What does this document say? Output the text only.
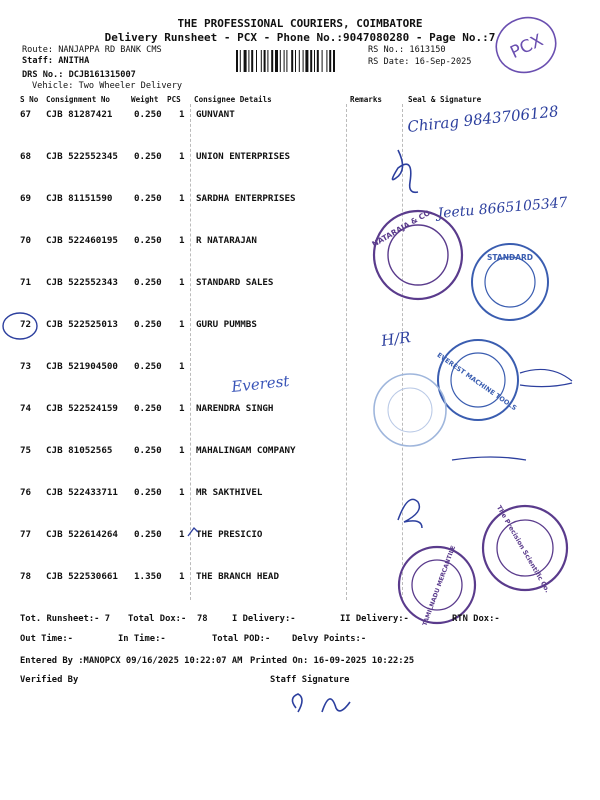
THE PROFESSIONAL COURIERS, COIMBATORE
Delivery Runsheet - PCX - Phone No.:9047080280 - Page No.:7
Route: NANJAPPA RD BANK CMS
Staff: ANITHA
DRS No.: DCJB161315007
Vehicle: Two Wheeler Delivery
RS No.: 1613150
RS Date: 16-Sep-2025 PCX
S No Consignment No	Weight PCS Consignee Details	Remarks	Seal & Signature
67 CJB 81287421 0.250 1 GUNVANT
68 CJB 522552345 0.250 1 UNION ENTERPRISES
69 CJB 81151590 0.250 1 SARDHA ENTERPRISES
70 CJB 522460195 0.250 1 R NATARAJAN
71 CJB 522552343 0.250 1 STANDARD SALES
72 CJB 522525013 0.250 1 GURU PUMMBS
73 CJB 521904500 0.250 1
74 CJB 522524159 0.250 1 NARENDRA SINGH
75 CJB 81052565 0.250 1 MAHALINGAM COMPANY
76 CJB 522433711 0.250 1 MR SAKTHIVEL
77 CJB 522614264 0.250 1 THE PRESICIO
78 CJB 522530661 1.350 1 THE BRANCH HEAD
Chirag 9843706128
Jeetu 8665105347
H/R
Everest
NATARAJA & CO.
STANDARD
EVEREST MACHINE TOOLS
The Precision Scientific Co.
TAMILNADU MERCANTILE
Tot. Runsheet:- 7 Total Dox:- 78	I Delivery:-	II Delivery:-	RTN Dox:-
Out Time:-	In Time:-	Total POD:- Delvy Points:-
Entered By :MANOPCX 09/16/2025 10:22:07 AM Printed On: 16-09-2025 10:22:25
Verified By	Staff Signature
